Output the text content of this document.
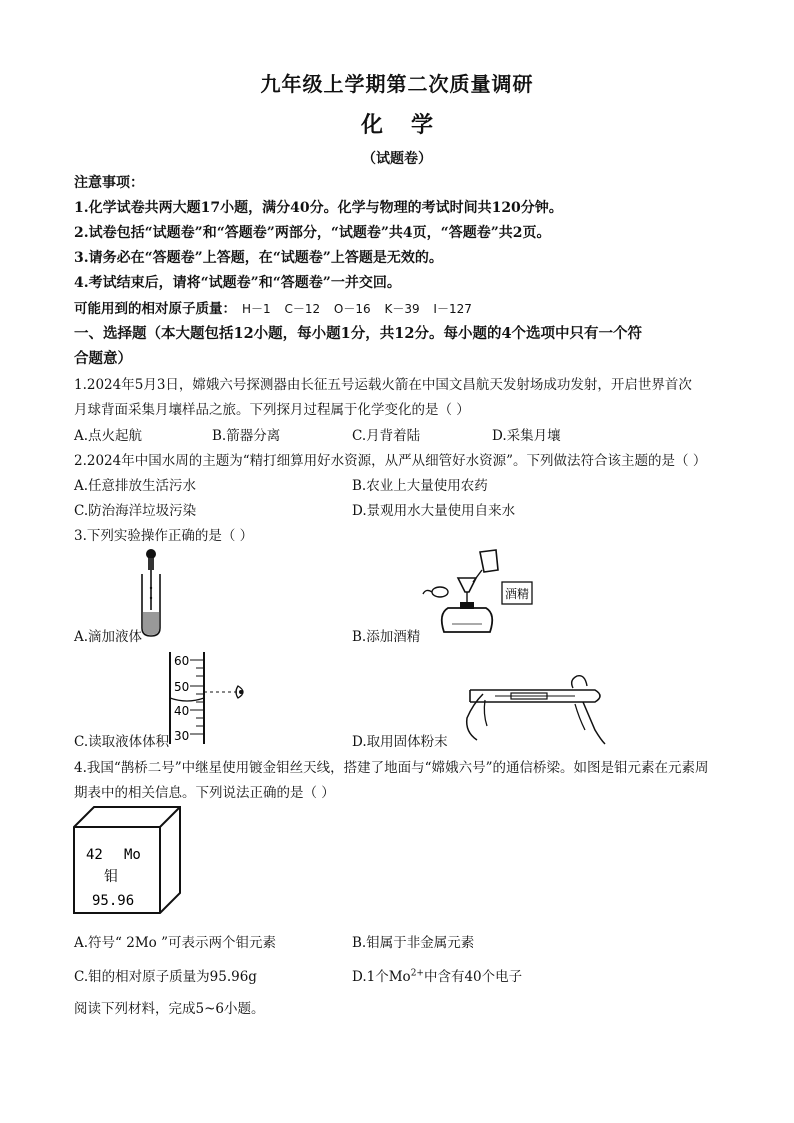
九年级上学期第二次质量调研
化 学
（试题卷）
注意事项：
1.化学试卷共两大题17小题，满分40分。化学与物理的考试时间共120分钟。
2.试卷包括“试题卷”和“答题卷”两部分，“试题卷”共4页，“答题卷”共2页。
3.请务必在“答题卷”上答题，在“试题卷”上答题是无效的。
4.考试结束后，请将“试题卷”和“答题卷”一并交回。
可能用到的相对原子质量： H－1 C－12 O－16 K－39 I－127
一、选择题（本大题包括12小题，每小题1分，共12分。每小题的4个选项中只有一个符
合题意）
1.2024年5月3日，嫦娥六号探测器由长征五号运载火箭在中国文昌航天发射场成功发射，开启世界首次
月球背面采集月壤样品之旅。下列探月过程属于化学变化的是（ ）
A.点火起航	B.箭器分离	C.月背着陆	D.采集月壤
2.2024年中国水周的主题为“精打细算用好水资源，从严从细管好水资源”。下列做法符合该主题的是（ ）
A.任意排放生活污水	B.农业上大量使用农药
C.防治海洋垃圾污染	D.景观用水大量使用自来水
3.下列实验操作正确的是（ ）
A.滴加液体
酒精
B.添加酒精
60
50
40
30
C.读取液体体积	D.取用固体粉末
4.我国“鹊桥二号”中继星使用镀金钼丝天线，搭建了地面与“嫦娥六号”的通信桥梁。如图是钼元素在元素周
期表中的相关信息。下列说法正确的是（ ）
42 Mo
钼
95.96
A.符号“ 2Mo ”可表示两个钼元素	B.钼属于非金属元素
C.钼的相对原子质量为95.96g	D.1个$Mo^{2+}$中含有40个电子
阅读下列材料，完成5~6小题。
